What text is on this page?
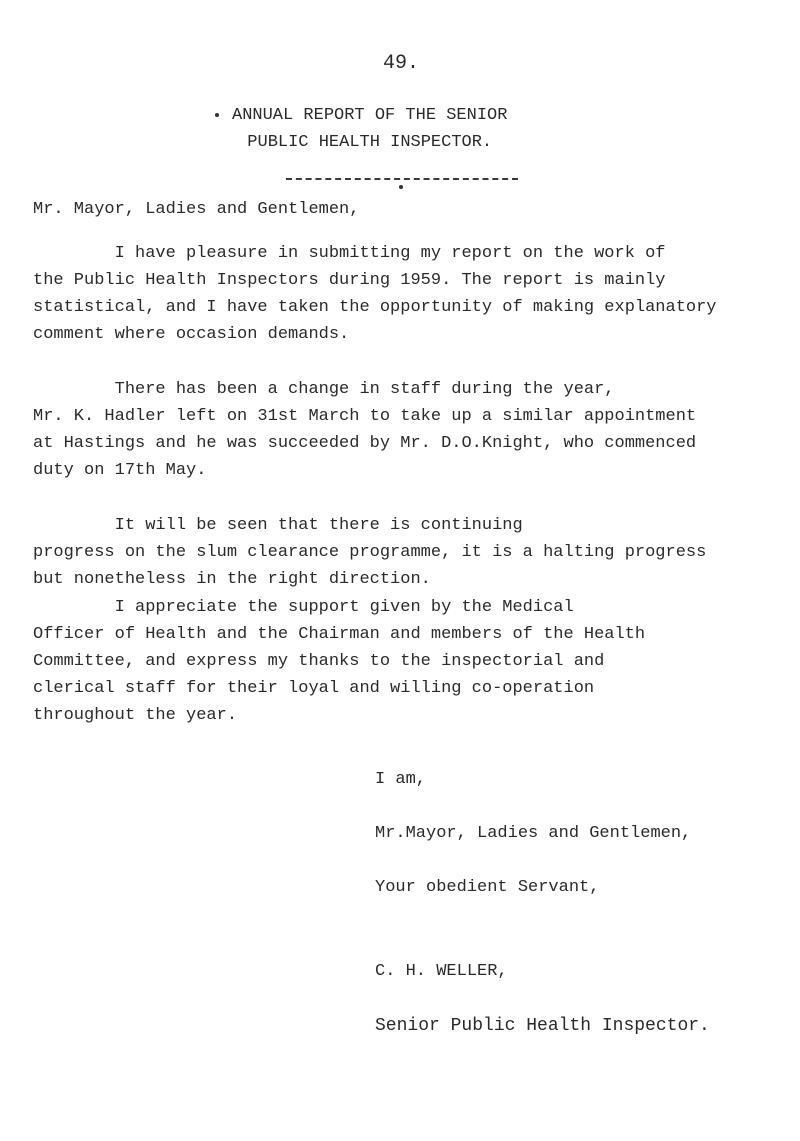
49.
ANNUAL REPORT OF THE SENIOR
PUBLIC HEALTH INSPECTOR.
Mr. Mayor, Ladies and Gentlemen,
I have pleasure in submitting my report on the work of
the Public Health Inspectors during 1959. The report is mainly
statistical, and I have taken the opportunity of making explanatory
comment where occasion demands.
There has been a change in staff during the year,
Mr. K. Hadler left on 31st March to take up a similar appointment
at Hastings and he was succeeded by Mr. D.O.Knight, who commenced
duty on 17th May.
It will be seen that there is continuing
progress on the slum clearance programme, it is a halting progress
but nonetheless in the right direction.
I appreciate the support given by the Medical
Officer of Health and the Chairman and members of the Health
Committee, and express my thanks to the inspectorial and
clerical staff for their loyal and willing co-operation
throughout the year.
I am,
Mr.Mayor, Ladies and Gentlemen,
Your obedient Servant,
C. H. WELLER,
Senior Public Health Inspector.
